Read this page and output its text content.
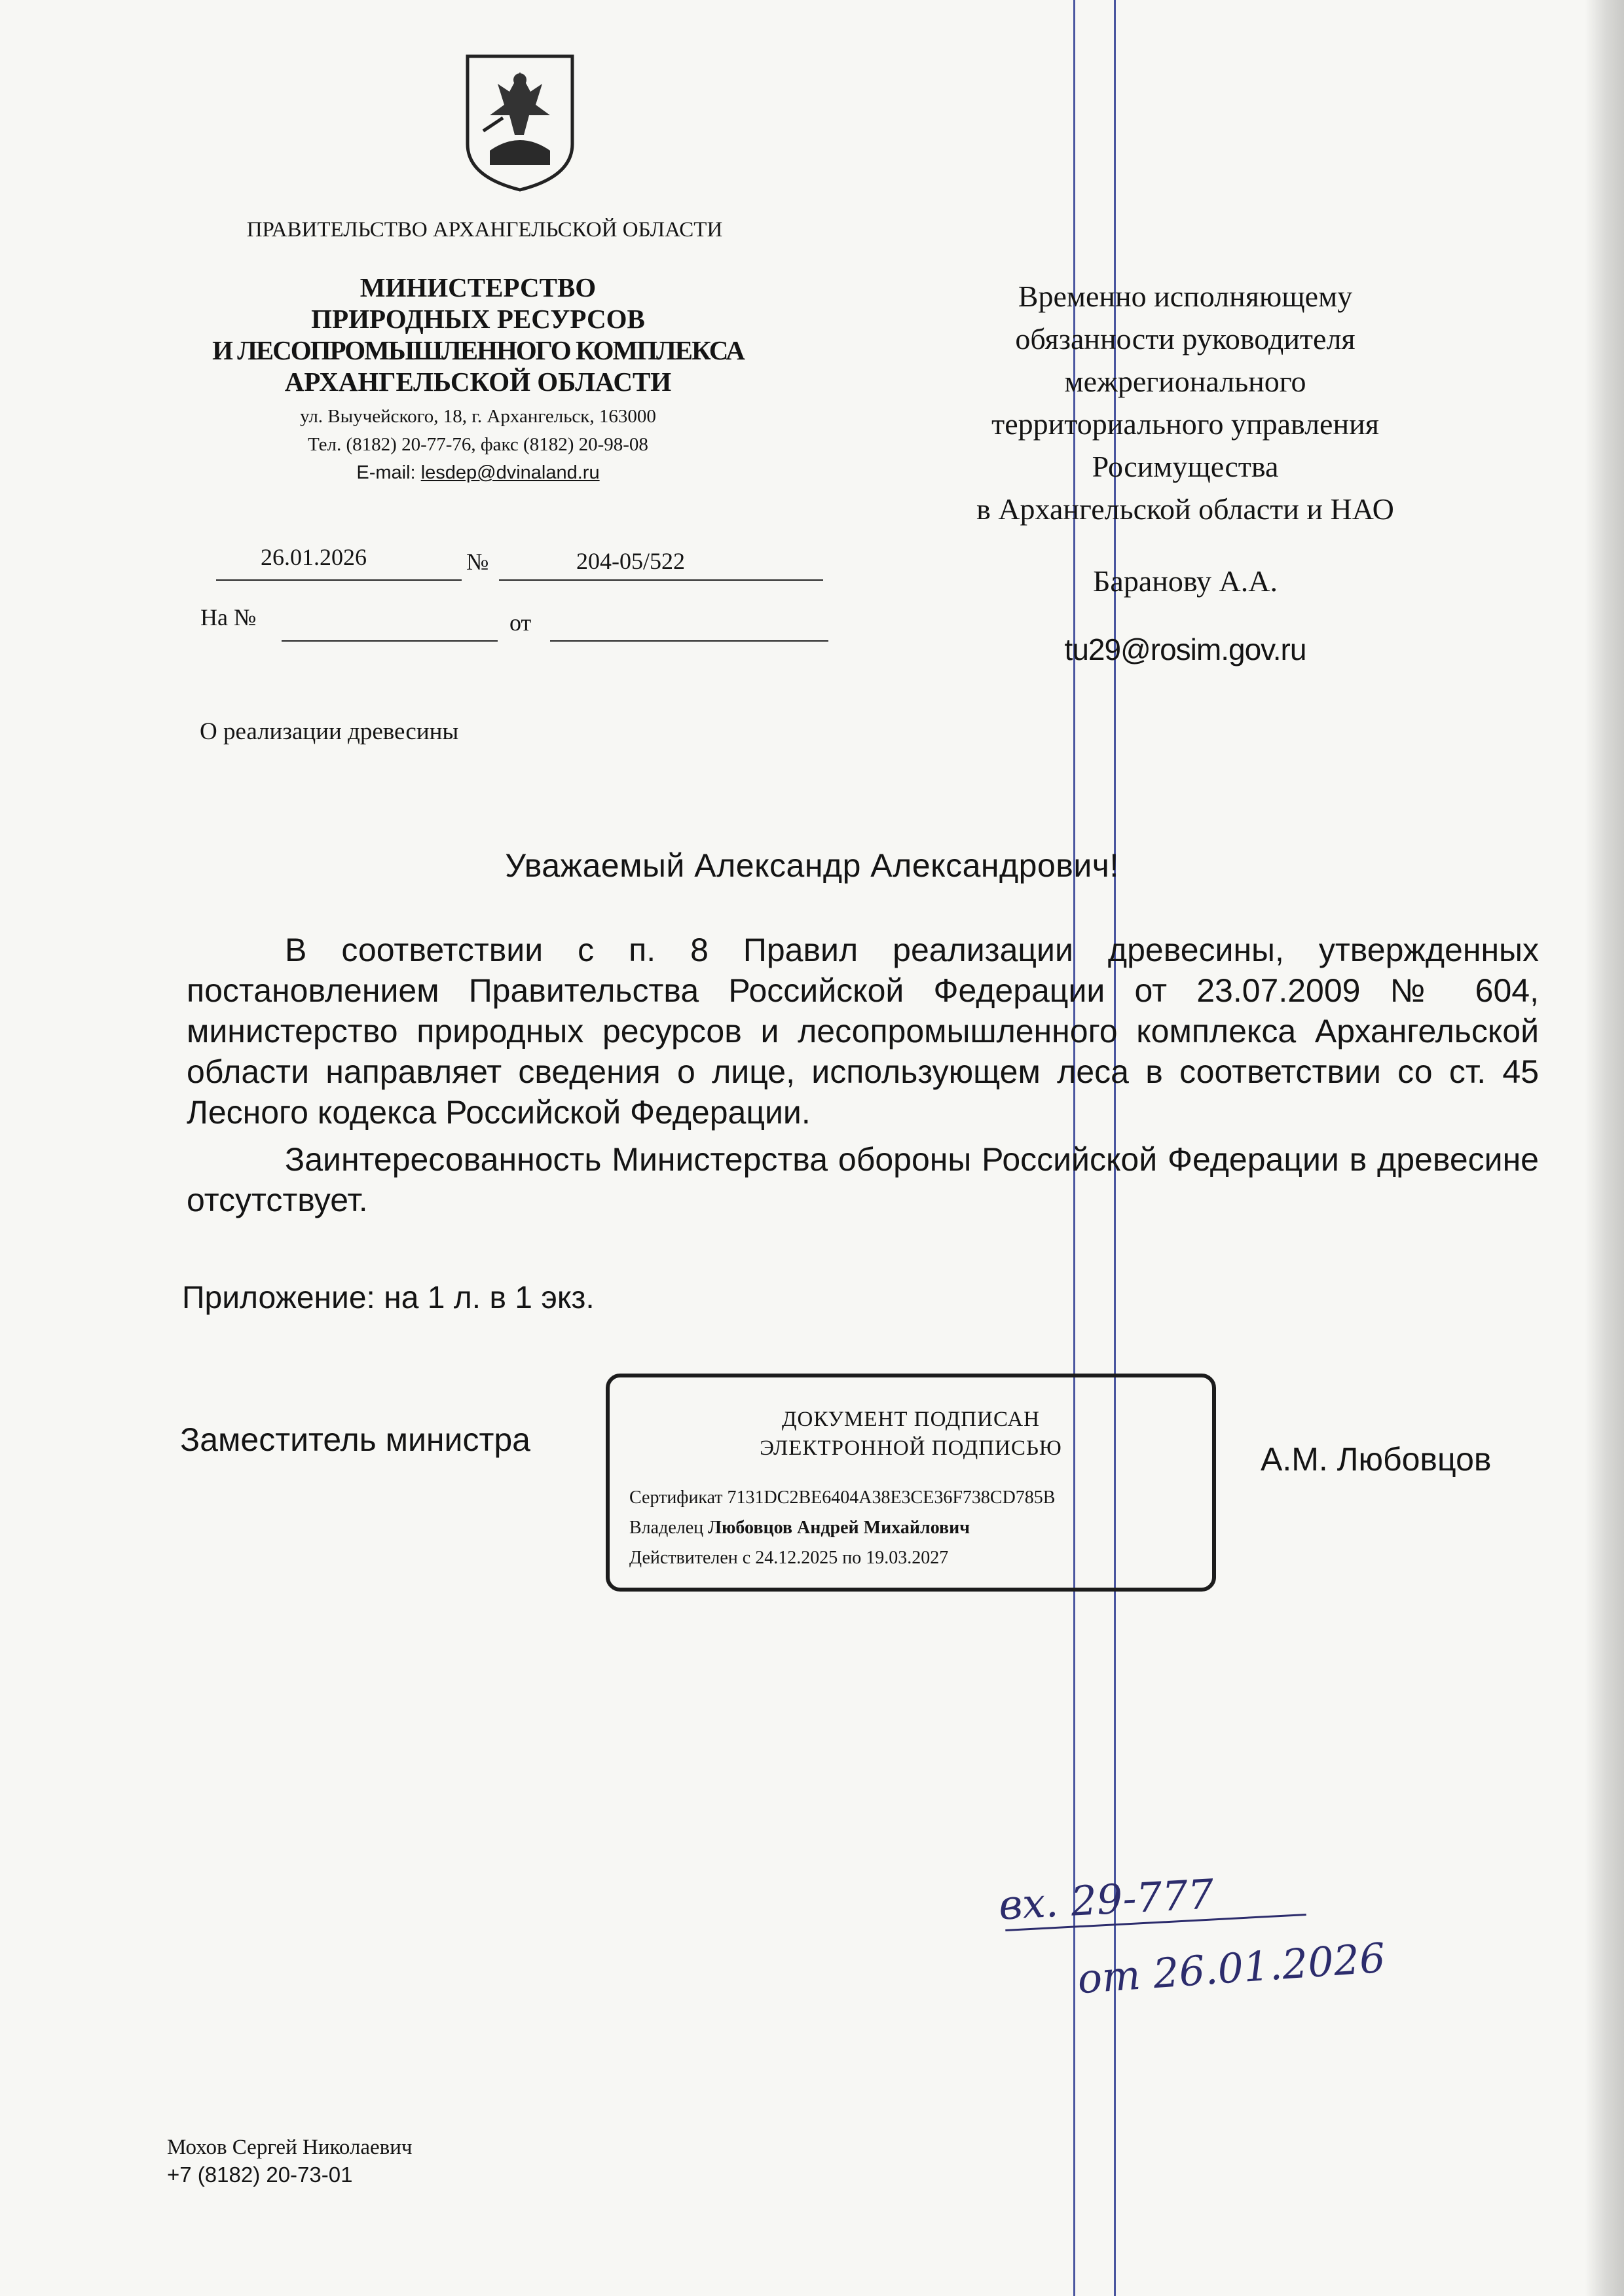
ПРАВИТЕЛЬСТВО АРХАНГЕЛЬСКОЙ ОБЛАСТИ
МИНИСТЕРСТВО
ПРИРОДНЫХ РЕСУРСОВ
И ЛЕСОПРОМЫШЛЕННОГО КОМПЛЕКСА
АРХАНГЕЛЬСКОЙ ОБЛАСТИ
ул. Выучейского, 18, г. Архангельск, 163000
Тел. (8182) 20-77-76, факс (8182) 20-98-08
E-mail: lesdep@dvinaland.ru
26.01.2026	№	204-05/522
На №	от
О реализации древесины
Временно исполняющему
обязанности руководителя
межрегионального
территориального управления
Росимущества
в Архангельской области и НАО
Баранову А.А.
tu29@rosim.gov.ru
Уважаемый Александр Александрович!

В соответствии с п. 8 Правил реализации древесины, утвержденных постановлением Правительства Российской Федерации от 23.07.2009 № 604, министерство природных ресурсов и лесопромышленного комплекса Архангельской области направляет сведения о лице, использующем леса в соответствии со ст. 45 Лесного кодекса Российской Федерации.

Заинтересованность Министерства обороны Российской Федерации в древесине отсутствует.

Приложение: на 1 л. в 1 экз.
Заместитель министра
ДОКУМЕНТ ПОДПИСАН
ЭЛЕКТРОННОЙ ПОДПИСЬЮ
Сертификат 7131DC2BE6404A38E3CE36F738CD785B
Владелец Любовцов Андрей Михайлович
Действителен с 24.12.2025 по 19.03.2027
А.М. Любовцов
вх. 29-777
от 26.01.2026
Мохов Сергей Николаевич
+7 (8182) 20-73-01
